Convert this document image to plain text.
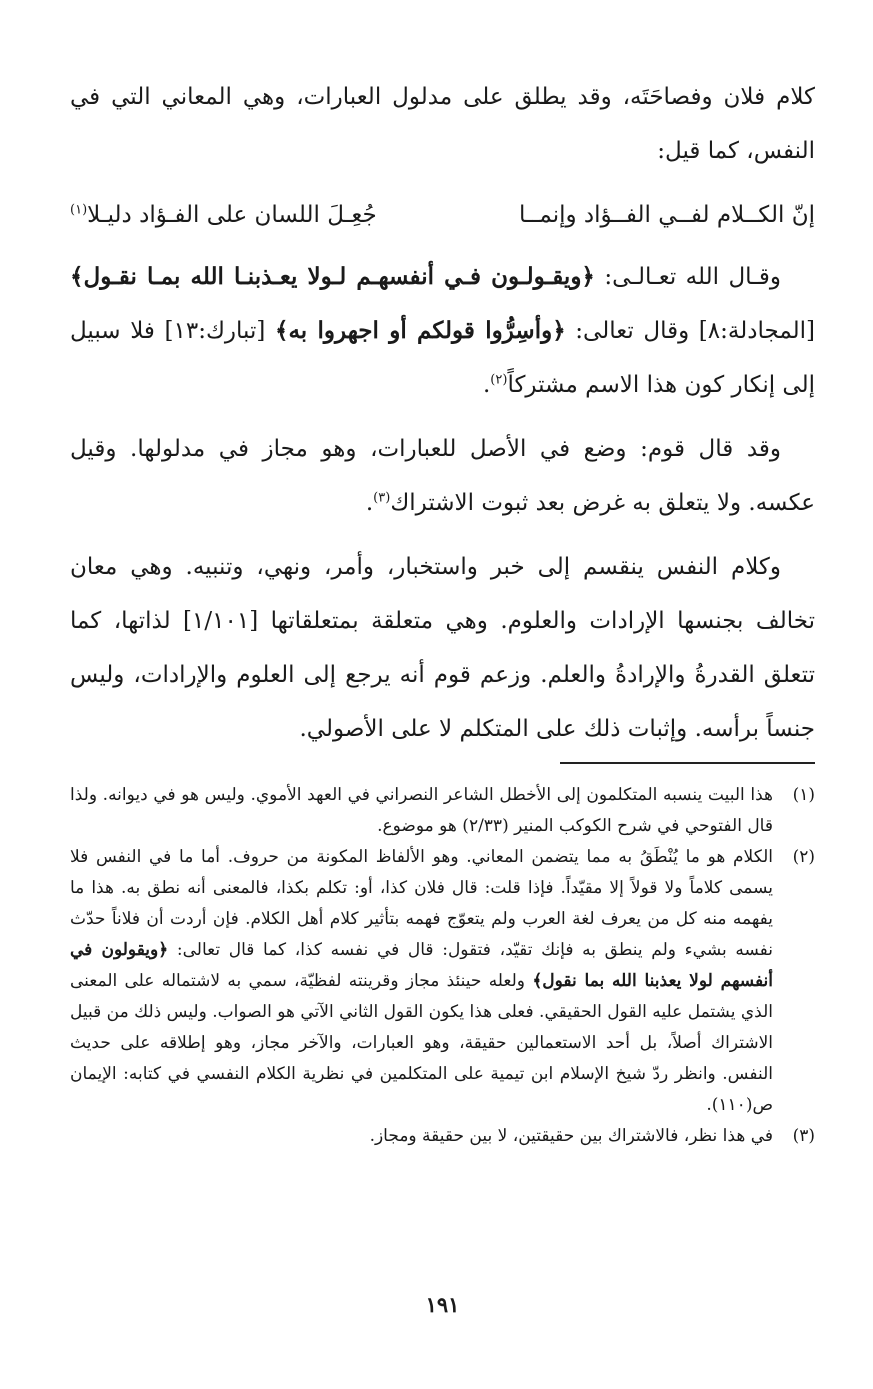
كلام فلان وفصاحَتَه، وقد يطلق على مدلول العبارات، وهي المعاني التي في النفس، كما قيل:

إنّ الكــلام لفــي الفــؤاد وإنمــا
جُعِـلَ اللسان على الفـؤاد دليـلا$^{(١)}$

وقـال الله تعـالـى: ﴿ويقـولـون فـي أنفسهـم لـولا يعـذبنـا الله بمـا نقـول﴾ [المجادلة:٨] وقال تعالى: ﴿وأسِرُّوا قولكم أو اجهروا به﴾ [تبارك:١٣] فلا سبيل إلى إنكار كون هذا الاسم مشتركاً$^{(٢)}$.

وقد قال قوم: وضع في الأصل للعبارات، وهو مجاز في مدلولها. وقيل عكسه. ولا يتعلق به غرض بعد ثبوت الاشتراك$^{(٣)}$.

وكلام النفس ينقسم إلى خبر واستخبار، وأمر، ونهي، وتنبيه. وهي معان تخالف بجنسها الإرادات والعلوم. وهي متعلقة بمتعلقاتها [١/١٠١] لذاتها، كما تتعلق القدرةُ والإرادةُ والعلم. وزعم قوم أنه يرجع إلى العلوم والإرادات، وليس جنساً برأسه. وإثبات ذلك على المتكلم لا على الأصولي.

(١)
هذا البيت ينسبه المتكلمون إلى الأخطل الشاعر النصراني في العهد الأموي. وليس هو في ديوانه. ولذا قال الفتوحي في شرح الكوكب المنير (٢/٣٣) هو موضوع.
(٢)
الكلام هو ما يُنْطَقُ به مما يتضمن المعاني. وهو الألفاظ المكونة من حروف. أما ما في النفس فلا يسمى كلاماً ولا قولاً إلا مقيّداً. فإذا قلت: قال فلان كذا، أو: تكلم بكذا، فالمعنى أنه نطق به. هذا ما يفهمه منه كل من يعرف لغة العرب ولم يتعوّج فهمه بتأثير كلام أهل الكلام. فإن أردت أن فلاناً حدّث نفسه بشيء ولم ينطق به فإنك تقيّد، فتقول: قال في نفسه كذا، كما قال تعالى: ﴿ويقولون في أنفسهم لولا يعذبنا الله بما نقول﴾ ولعله حينئذ مجاز وقرينته لفظيّة، سمي به لاشتماله على المعنى الذي يشتمل عليه القول الحقيقي. فعلى هذا يكون القول الثاني الآتي هو الصواب. وليس ذلك من قبيل الاشتراك أصلاً، بل أحد الاستعمالين حقيقة، وهو العبارات، والآخر مجاز، وهو إطلاقه على حديث النفس. وانظر ردّ شيخ الإسلام ابن تيمية على المتكلمين في نظرية الكلام النفسي في كتابه: الإيمان ص(١١٠).
(٣)
في هذا نظر، فالاشتراك بين حقيقتين، لا بين حقيقة ومجاز.
١٩١
